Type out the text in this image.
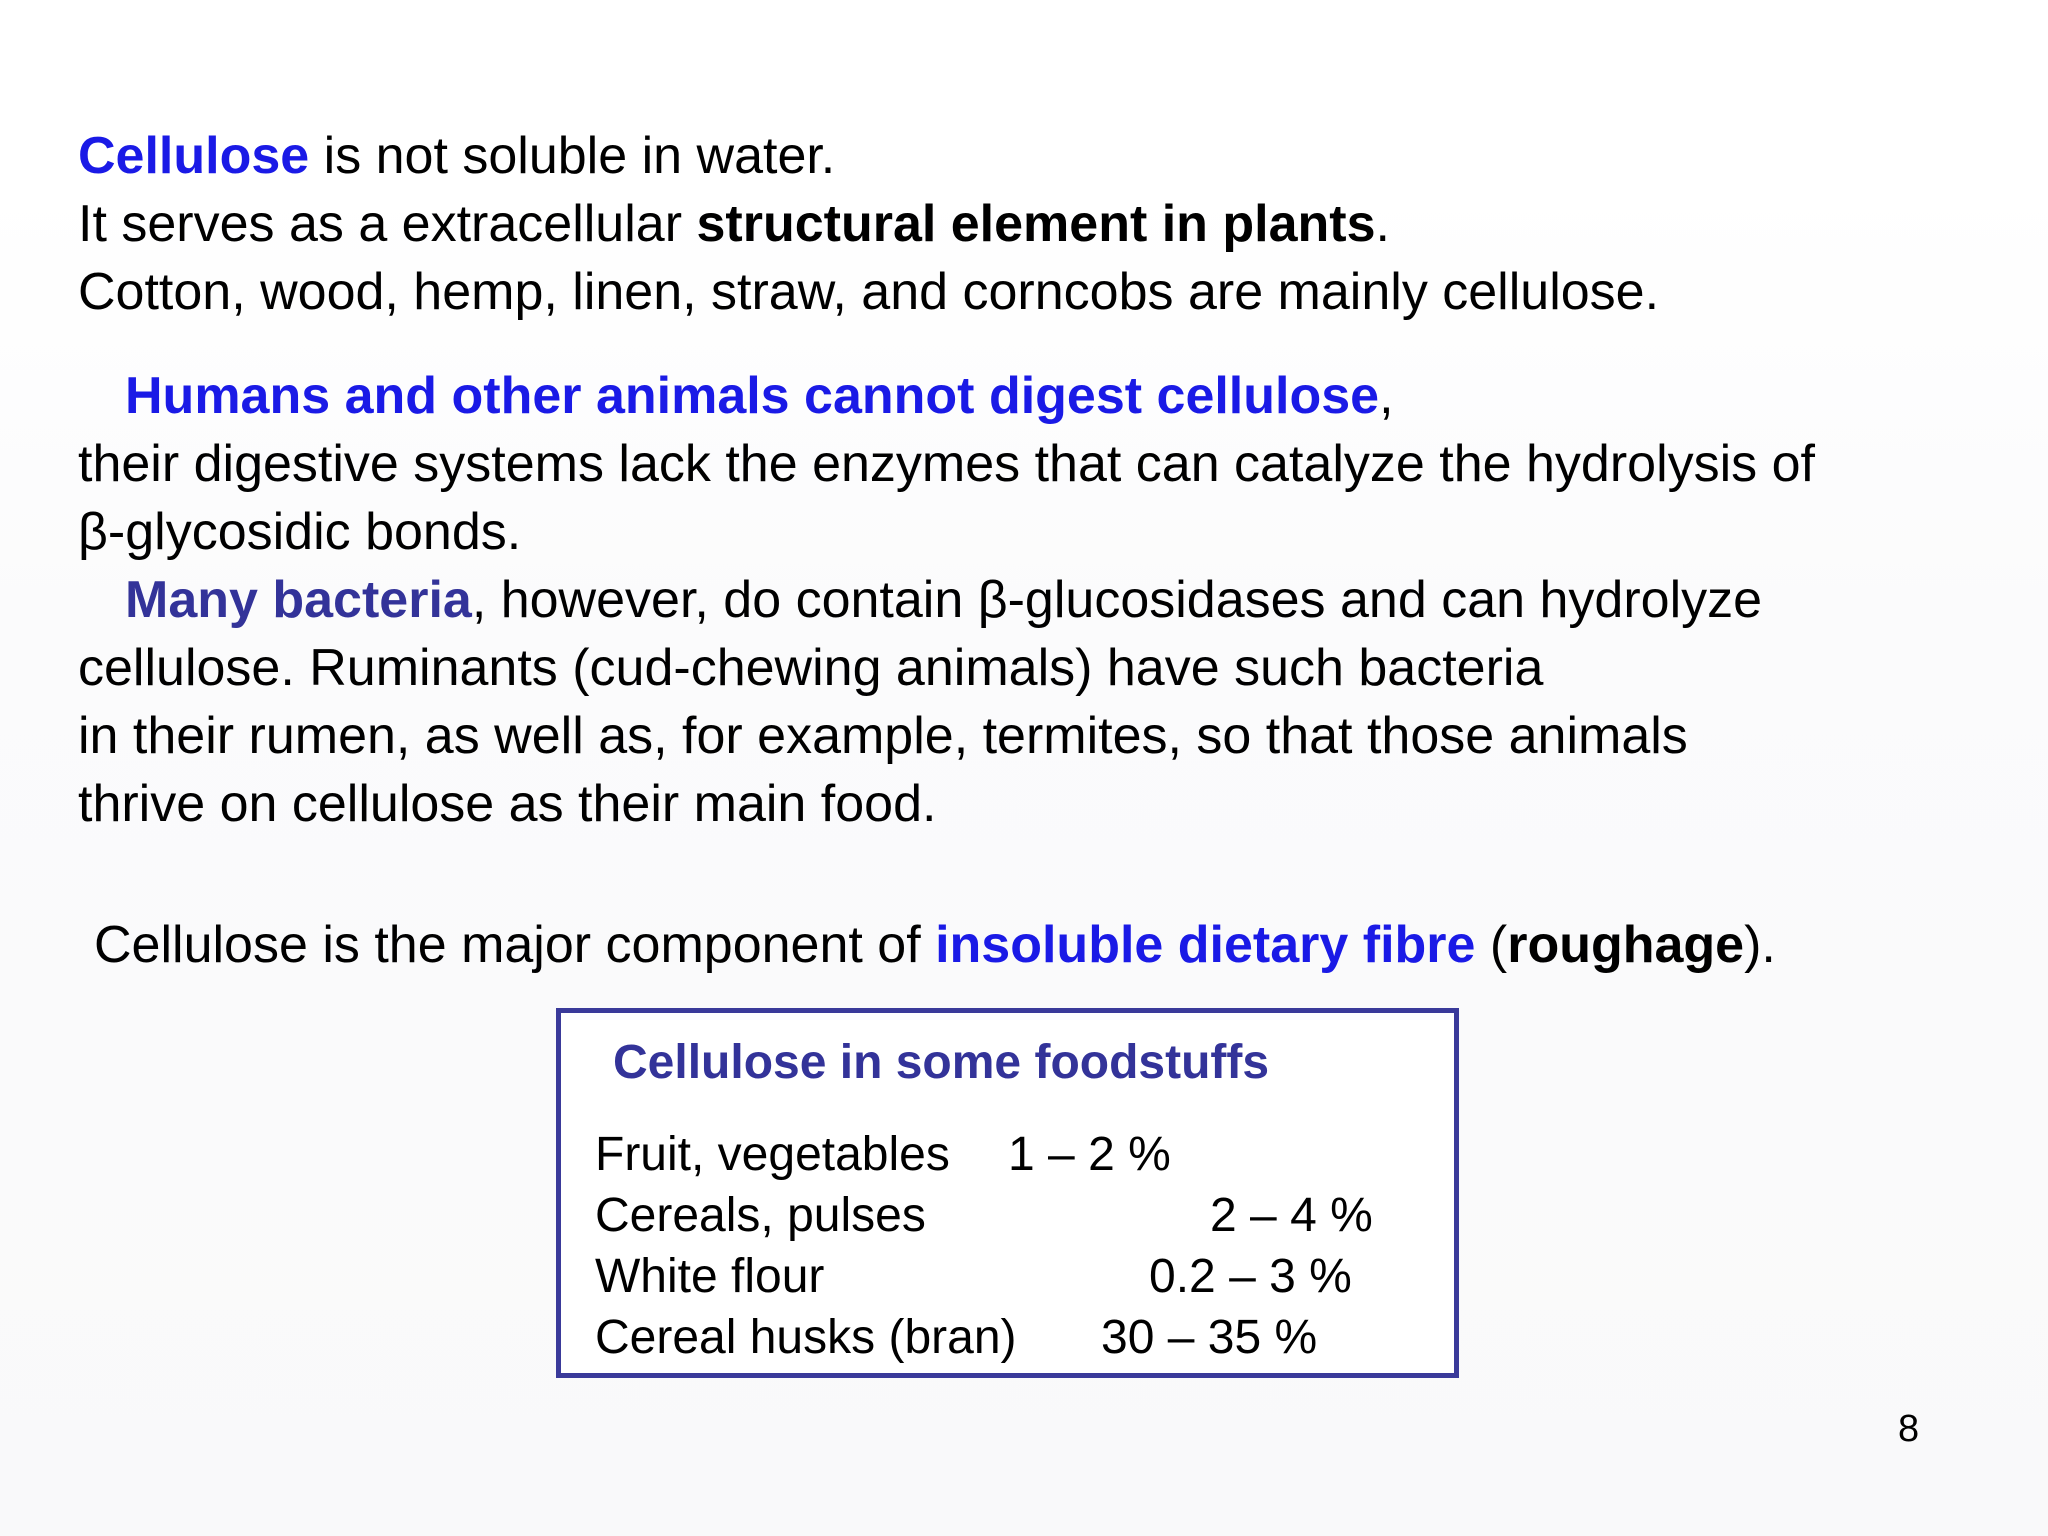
Cellulose is not soluble in water.
It serves as a extracellular structural element in plants.
Cotton, wood, hemp, linen, straw, and corncobs are mainly cellulose.
Humans and other animals cannot digest cellulose,
their digestive systems lack the enzymes that can catalyze the hydrolysis of
β-glycosidic bonds.
Many bacteria, however, do contain β-glucosidases and can hydrolyze
cellulose. Ruminants (cud-chewing animals) have such bacteria
in their rumen, as well as, for example, termites, so that those animals
thrive on cellulose as their main food.
Cellulose is the major component of insoluble dietary fibre (roughage).
Cellulose in some foodstuffs
Fruit, vegetables 1 – 2 %
Cereals, pulses	2 – 4 %
White flour	0.2 – 3 %
Cereal husks (bran) 30 – 35 %
8
